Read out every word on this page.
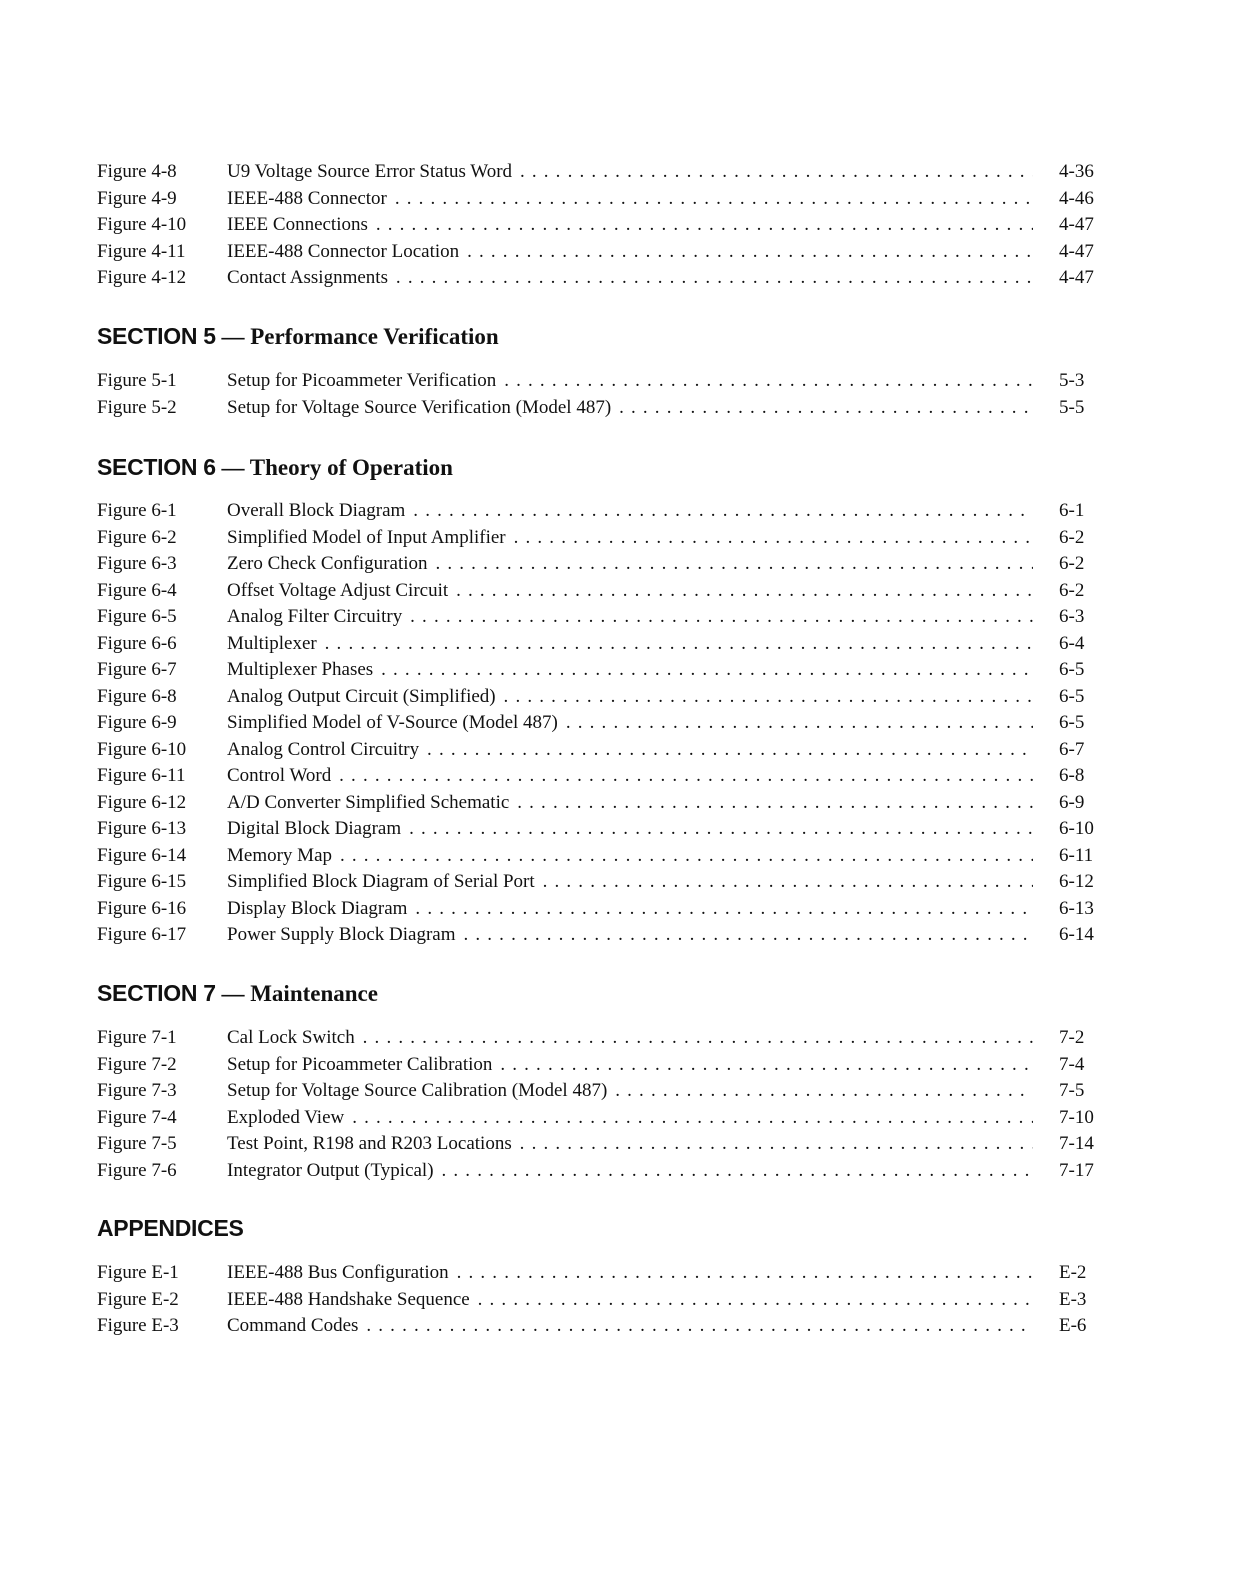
Figure 4-8	U9 Voltage Source Error Status Word . . .	4-36
Figure 4-9	IEEE-488 Connector . . .	4-46
Figure 4-10	IEEE Connections . . .	4-47
Figure 4-11	IEEE-488 Connector Location . . .	4-47
Figure 4-12	Contact Assignments . . .	4-47
SECTION 5 — Performance Verification
Figure 5-1	Setup for Picoammeter Verification . . .	5-3
Figure 5-2	Setup for Voltage Source Verification (Model 487) . . .	5-5
SECTION 6 — Theory of Operation
Figure 6-1	Overall Block Diagram . . .	6-1
Figure 6-2	Simplified Model of Input Amplifier . . .	6-2
Figure 6-3	Zero Check Configuration . . .	6-2
Figure 6-4	Offset Voltage Adjust Circuit . . .	6-2
Figure 6-5	Analog Filter Circuitry . . .	6-3
Figure 6-6	Multiplexer . . .	6-4
Figure 6-7	Multiplexer Phases . . .	6-5
Figure 6-8	Analog Output Circuit (Simplified) . . .	6-5
Figure 6-9	Simplified Model of V-Source (Model 487) . . .	6-5
Figure 6-10	Analog Control Circuitry . . .	6-7
Figure 6-11	Control Word . . .	6-8
Figure 6-12	A/D Converter Simplified Schematic . . .	6-9
Figure 6-13	Digital Block Diagram . . .	6-10
Figure 6-14	Memory Map . . .	6-11
Figure 6-15	Simplified Block Diagram of Serial Port . . .	6-12
Figure 6-16	Display Block Diagram . . .	6-13
Figure 6-17	Power Supply Block Diagram . . .	6-14
SECTION 7 — Maintenance
Figure 7-1	Cal Lock Switch . . .	7-2
Figure 7-2	Setup for Picoammeter Calibration . . .	7-4
Figure 7-3	Setup for Voltage Source Calibration (Model 487) . . .	7-5
Figure 7-4	Exploded View . . .	7-10
Figure 7-5	Test Point, R198 and R203 Locations . . .	7-14
Figure 7-6	Integrator Output (Typical) . . .	7-17
APPENDICES
Figure E-1	IEEE-488 Bus Configuration . . .	E-2
Figure E-2	IEEE-488 Handshake Sequence . . .	E-3
Figure E-3	Command Codes . . .	E-6
